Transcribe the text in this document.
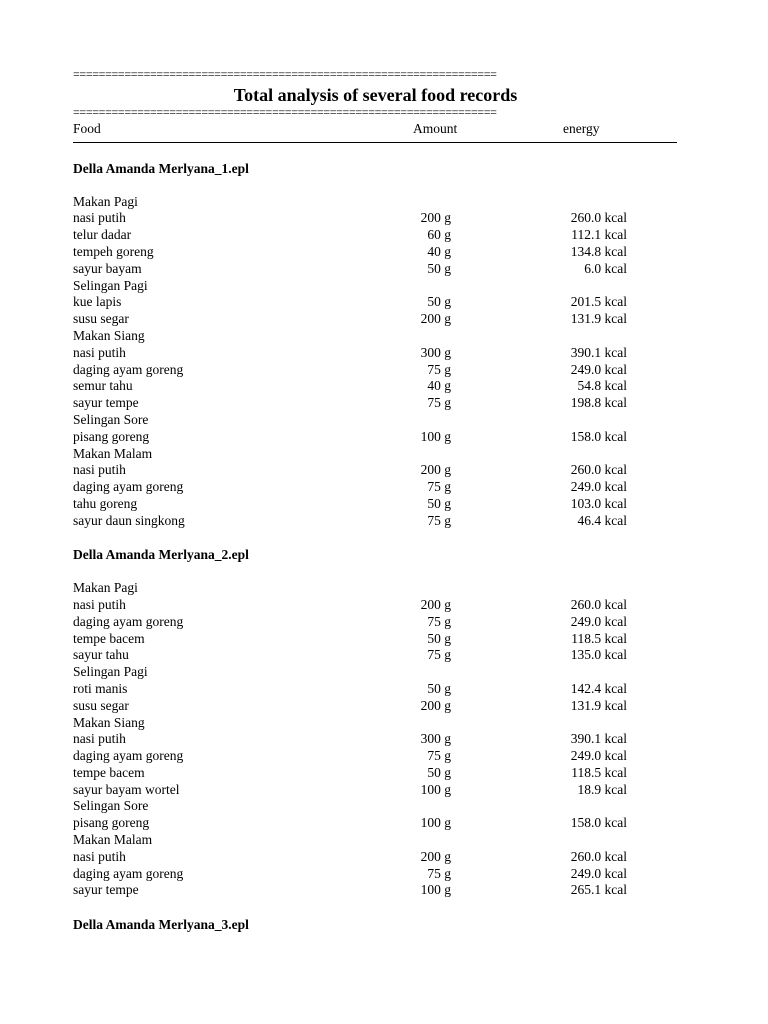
==================================================================
Total analysis of several food records
==================================================================
Food	Amount	energy
Della Amanda Merlyana_1.epl
Makan Pagi
nasi putih	200 g	260.0 kcal
telur dadar	60 g	112.1 kcal
tempeh goreng	40 g	134.8 kcal
sayur bayam	50 g	6.0 kcal
Selingan Pagi
kue lapis	50 g	201.5 kcal
susu segar	200 g	131.9 kcal
Makan Siang
nasi putih	300 g	390.1 kcal
daging ayam goreng	75 g	249.0 kcal
semur tahu	40 g	54.8 kcal
sayur tempe	75 g	198.8 kcal
Selingan Sore
pisang goreng	100 g	158.0 kcal
Makan Malam
nasi putih	200 g	260.0 kcal
daging ayam goreng	75 g	249.0 kcal
tahu goreng	50 g	103.0 kcal
sayur daun singkong	75 g	46.4 kcal
Della Amanda Merlyana_2.epl
Makan Pagi
nasi putih	200 g	260.0 kcal
daging ayam goreng	75 g	249.0 kcal
tempe bacem	50 g	118.5 kcal
sayur tahu	75 g	135.0 kcal
Selingan Pagi
roti manis	50 g	142.4 kcal
susu segar	200 g	131.9 kcal
Makan Siang
nasi putih	300 g	390.1 kcal
daging ayam goreng	75 g	249.0 kcal
tempe bacem	50 g	118.5 kcal
sayur bayam wortel	100 g	18.9 kcal
Selingan Sore
pisang goreng	100 g	158.0 kcal
Makan Malam
nasi putih	200 g	260.0 kcal
daging ayam goreng	75 g	249.0 kcal
sayur tempe	100 g	265.1 kcal
Della Amanda Merlyana_3.epl
